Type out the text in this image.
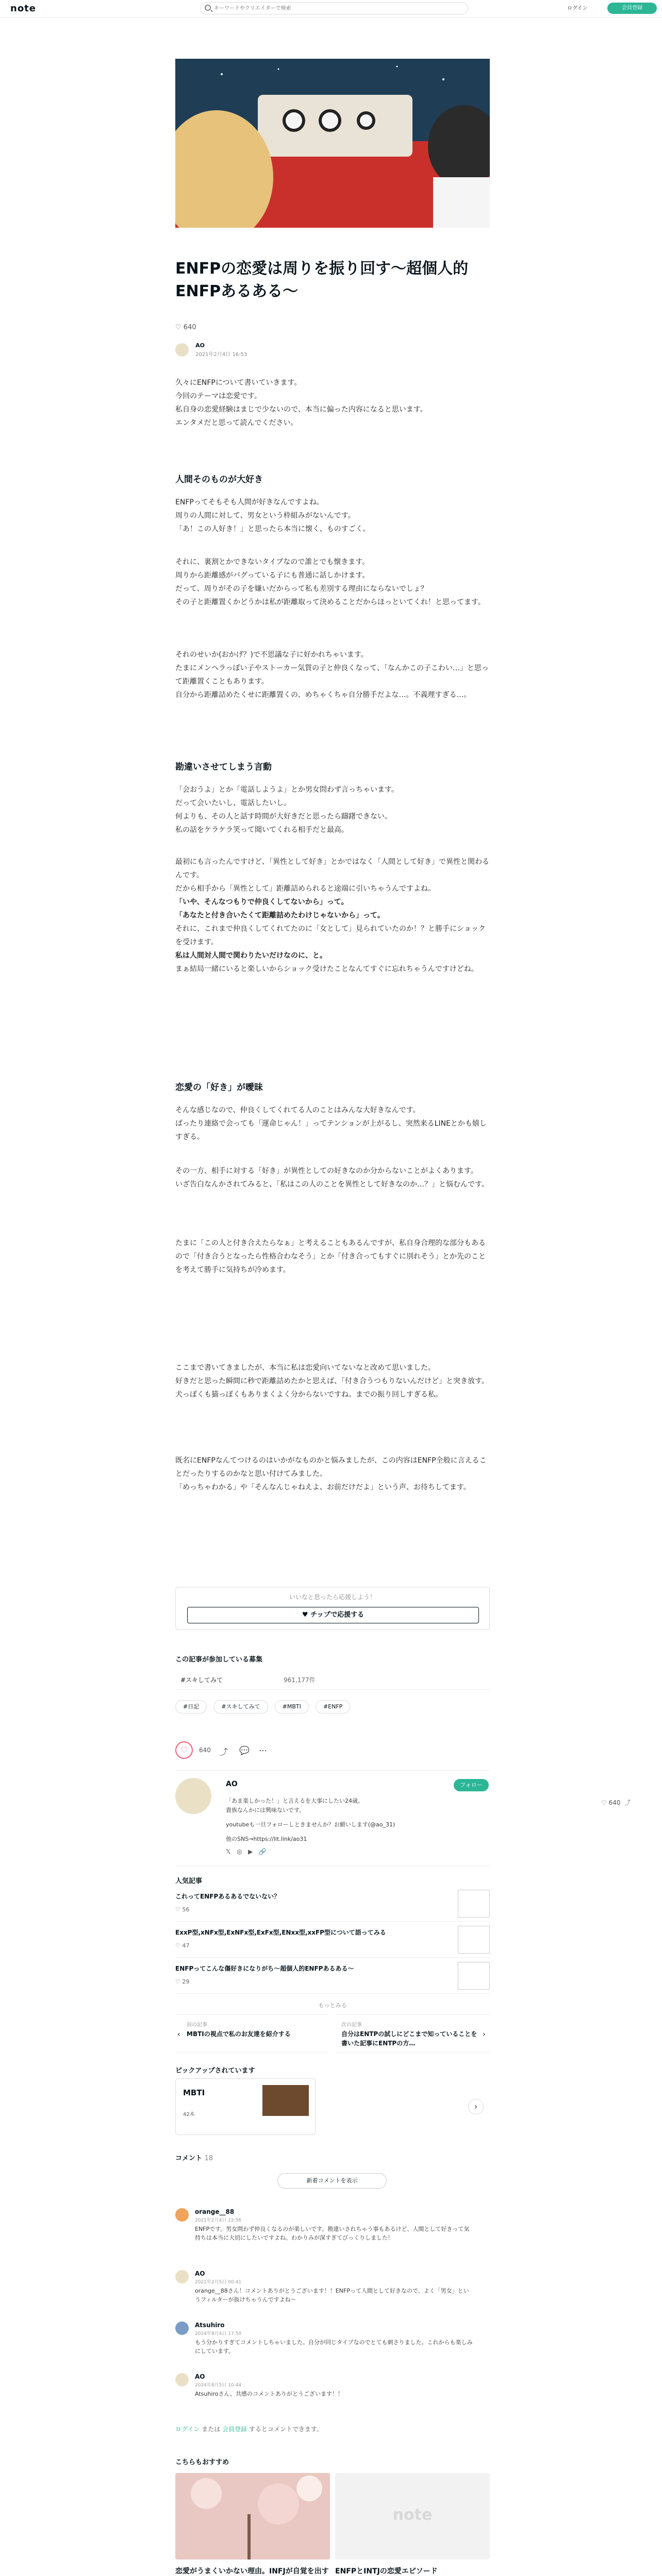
note
キーワードやクリエイターで検索	ログイン	会員登録
ENFPの恋愛は周りを振り回す〜超個人的ENFPあるある〜
♡ 640

AO
2021年2月4日 16:53

久々にENFPについて書いていきます。

今回のテーマは恋愛です。

私自身の恋愛経験はまじで少ないので、本当に偏った内容になると思います。

エンタメだと思って読んでください。

人間そのものが大好き

ENFPってそもそも人間が好きなんですよね。

周りの人間に対して、男女という枠組みがないんです。

「あ！この人好き！」と思ったら本当に懐く、ものすごく。

それに、裏割とかできないタイプなので誰とでも懐きます。

周りから距離感がバグっている子にも普通に話しかけます。

だって、周りがその子を嫌いだからって私も差別する理由にならないでしょ？

その子と距離置くかどうかは私が距離取って決めることだからほっといてくれ！と思ってます。

それのせいか(おかげ？)で不思議な子に好かれちゃいます。

たまにメンヘラっぽい子やストーカー気質の子と仲良くなって、「なんかこの子こわい…」と思って距離置くこともあります。

自分から距離詰めたくせに距離置くの、めちゃくちゃ自分勝手だよな…。不義理すぎる…。

勘違いさせてしまう言動

「会おうよ」とか「電話しようよ」とか男女問わず言っちゃいます。

だって会いたいし、電話したいし。

何よりも、その人と話す時間が大好きだと思ったら躊躇できない。

私の話をケラケラ笑って聞いてくれる相手だと最高。

最初にも言ったんですけど、「異性として好き」とかではなく「人間として好き」で異性と関わるんです。

だから相手から「異性として」距離詰められると途端に引いちゃうんですよね。

「いや、そんなつもりで仲良くしてないから」って。

「あなたと付き合いたくて距離詰めたわけじゃないから」って。

それに、これまで仲良くしてくれてたのに「女として」見られていたのか！？と勝手にショックを受けます。

私は人間対人間で関わりたいだけなのに、と。

まぁ結局一緒にいると楽しいからショック受けたことなんてすぐに忘れちゃうんですけどね。

恋愛の「好き」が曖昧

そんな感じなので、仲良くしてくれてる人のことはみんな大好きなんです。

ぱったり連絡で会っても「運命じゃん！」ってテンションが上がるし、突然来るLINEとかも嬉しすぎる。

その一方、相手に対する「好き」が異性としての好きなのか分からないことがよくあります。

いざ告白なんかされてみると、「私はこの人のことを異性として好きなのか…？」と悩むんです。

たまに「この人と付き合えたらなぁ」と考えることもあるんですが、私自身合理的な部分もあるので「付き合うとなったら性格合わなそう」とか「付き合ってもすぐに別れそう」とか先のことを考えて勝手に気持ちが冷めます。

ここまで書いてきましたが、本当に私は恋愛向いてないなと改めて思いました。

好きだと思った瞬間に秒で距離詰めたかと思えば、「付き合うつもりないんだけど」と突き放す。

犬っぽくも猫っぽくもありまくよく分からないですね。までの振り回しすぎる私。

既名にENFPなんてつけるのはいかがなものかと悩みましたが、この内容はENFP全般に言えることだったりするのかなと思い付けてみました。

「めっちゃわかる」や「そんなんじゃねえよ、お前だけだよ」という声、お待ちしてます。

いいなと思ったら応援しよう！
♥ チップで応援する
この記事が参加している募集
#スキしてみて	961,177件
#日記	#スキしてみて	#MBTI	#ENFP
♡	640 ⤴ 💬 ⋯
AO	フォロー
「あま楽しかった！」と言えるを大事にしたい24歳。
貴族なんかには興味ないです。
youtubeも一旦フォローしときませんか？お願いします(@ao_31)
他のSNS→https://lit.link/ao31
𝕏 ◎ ▶ 🔗
♡ 640  ⤴
人気記事
これってENFPあるあるでないない？
♡ 56
ExxP型,xNFx型,ExNFx型,ExFx型,ENxx型,xxFP型について語ってみる
♡ 47
ENFPってこんな傷好きになりがち〜超個人的ENFPあるある〜
♡ 29
もっとみる
前の記事
MBTIの視点で私のお友達を紹介する
‹
次の記事
自分はENTPの試しにどこまで知っていることを書いた記事にENTPの方…
›
ピックアップされています
MBTI
42本
›
コメント 18
新着コメントを表示
orange__88
2021年2月4日 22:56
ENFPです。男女問わず仲良くなるのが楽しいです。勘違いされちゃう事もあるけど、人間として好きって気持ちは本当に大切にしたいですよね。わかりみが深すぎてびっくりしました！
AO
2021年2月5日 00:41
orange__88さん！コメントありがとうございます！！ENFPって人間として好きなので、よく「男女」というフィルターが抜けちゃうんですよね〜
Atsuhiro
2024年8月4日 17:50
もう分かりすぎてコメントしちゃいました。自分が同じタイプなのでとても刺さりました。これからも楽しみにしています。
AO
2024年8月5日 10:44
Atsuhiroさん、共感のコメントありがとうございます！！
ログイン または 会員登録 するとコメントできます。
こちらもおすすめ
恋愛がうまくいかない理由。INFJが自覚を出す
note
ENFPとINTJの恋愛エピソード
